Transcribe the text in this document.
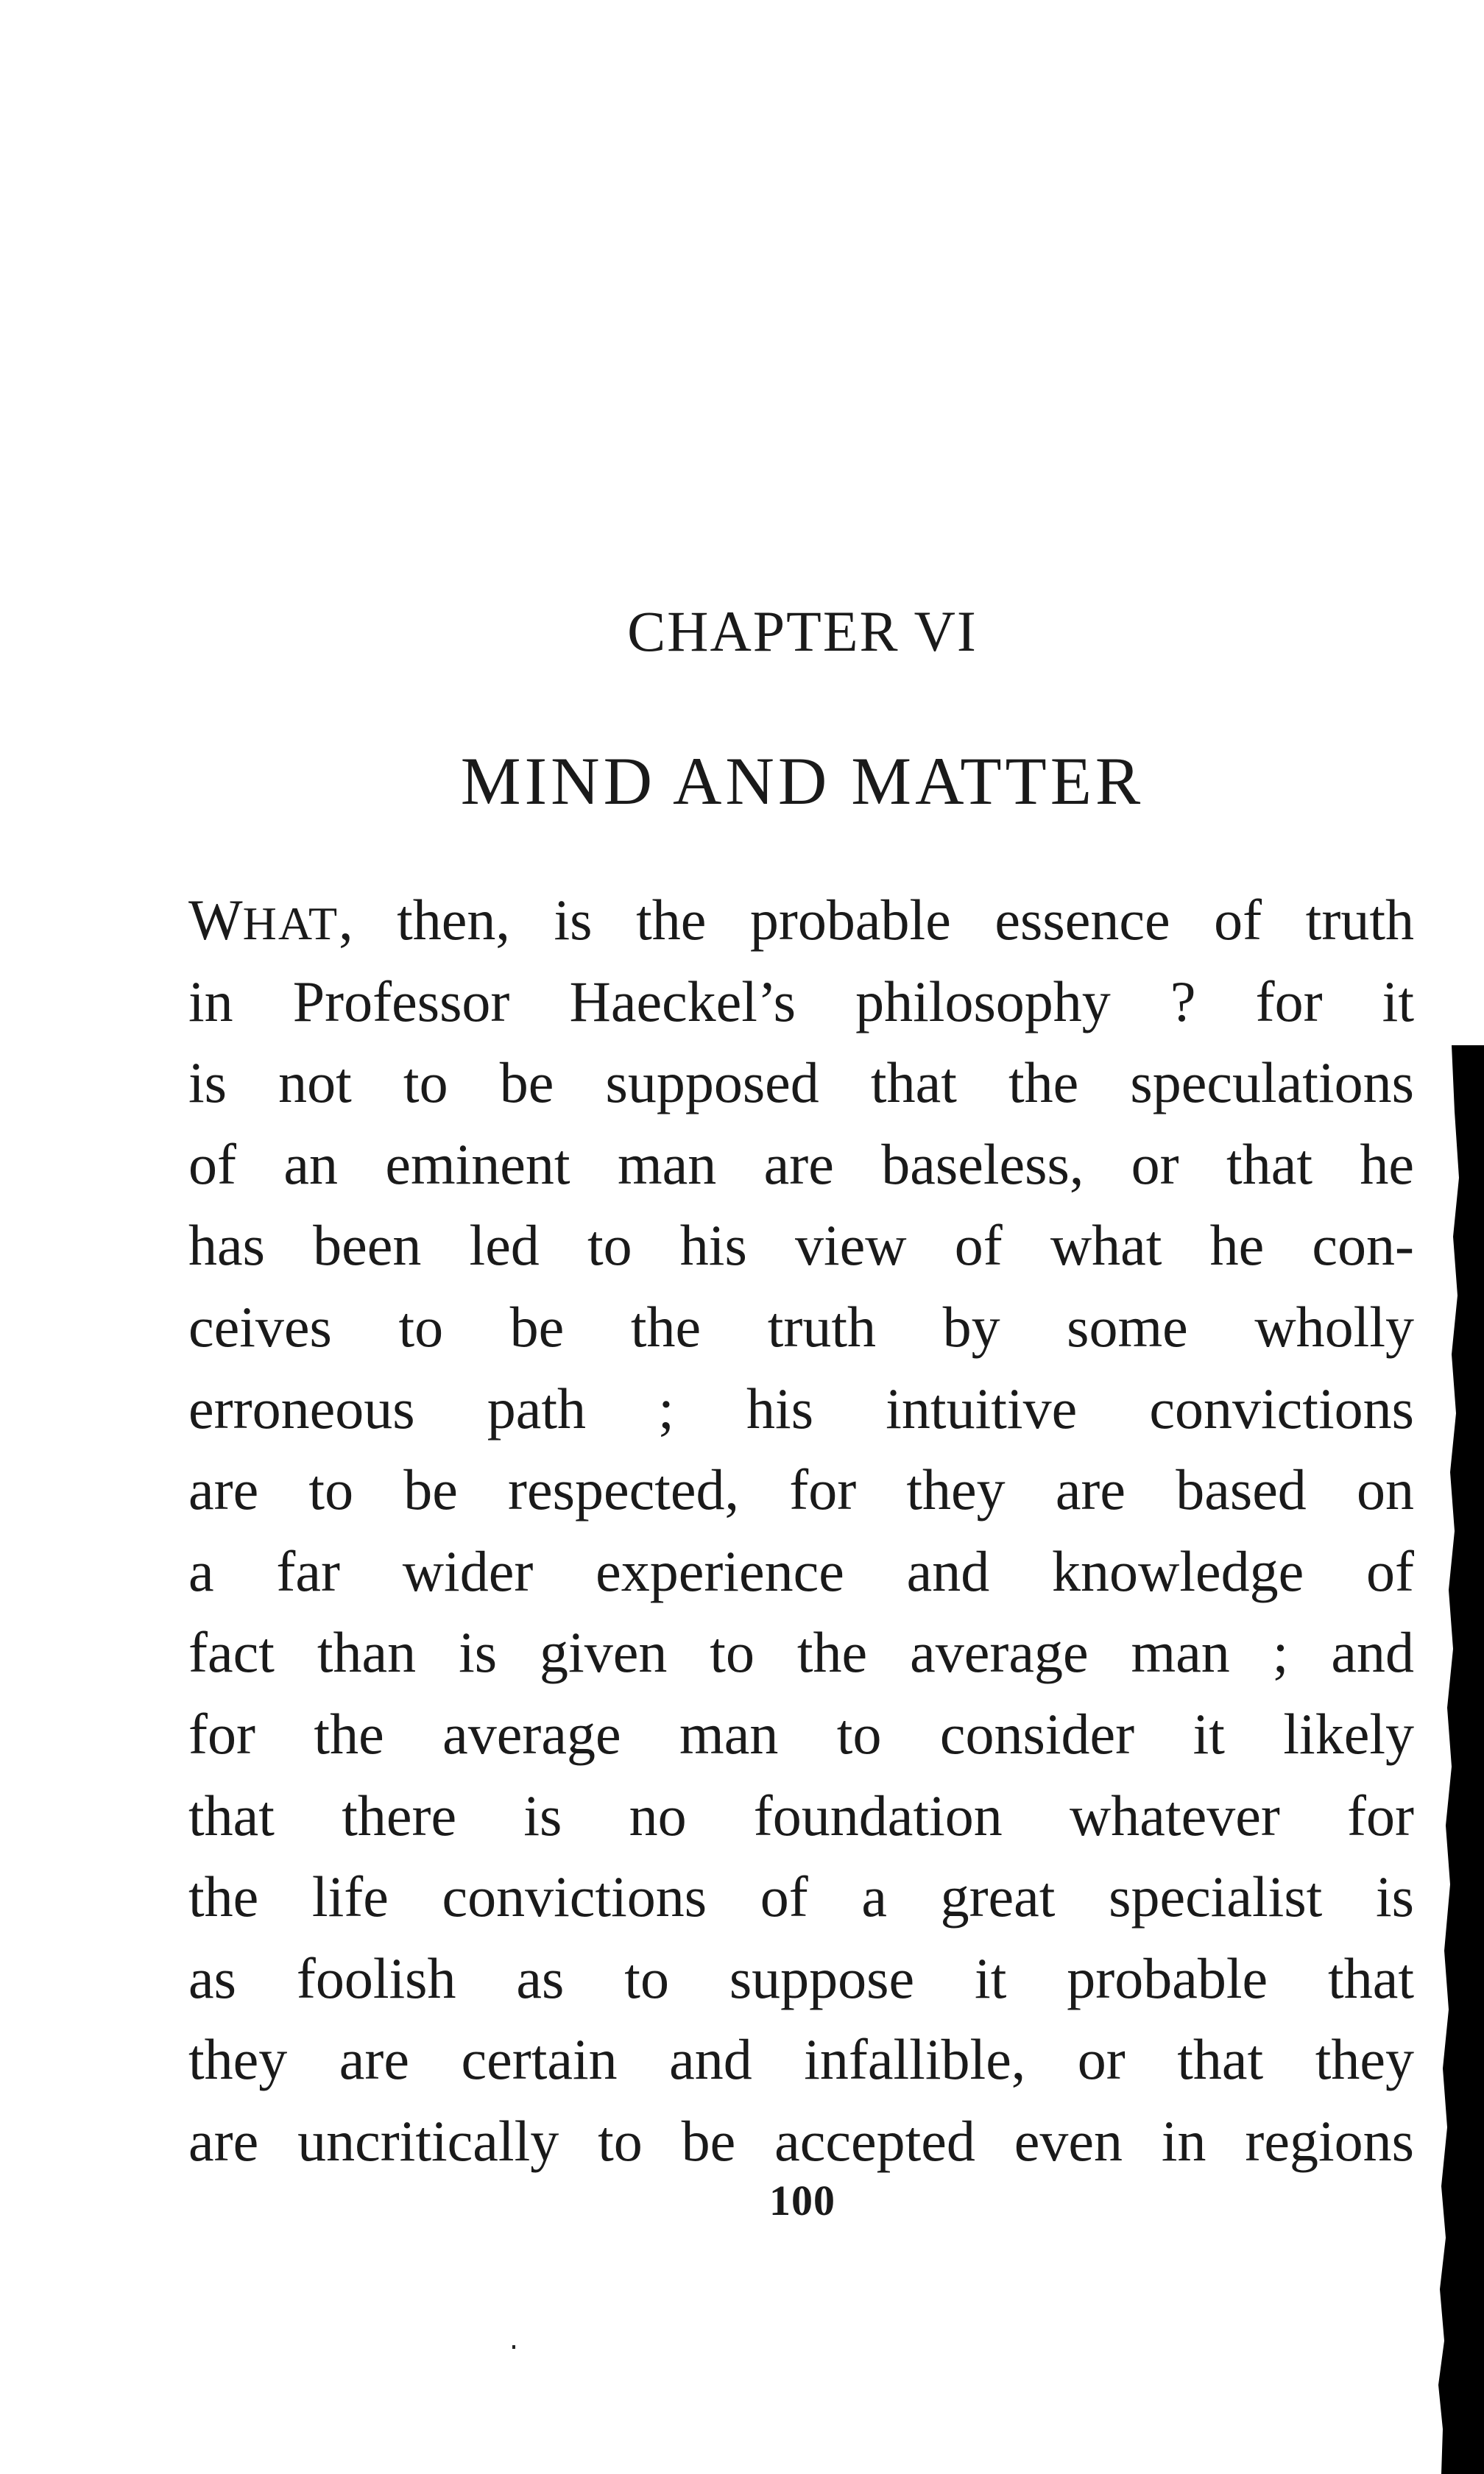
CHAPTER VI
MIND AND MATTER
WHAT, then, is the probable essence of truth
in Professor Haeckel’s philosophy ? for it
is not to be supposed that the speculations
of an eminent man are baseless, or that he
has been led to his view of what he con-
ceives to be the truth by some wholly
erroneous path ; his intuitive convictions
are to be respected, for they are based on
a far wider experience and knowledge of
fact than is given to the average man ; and
for the average man to consider it likely
that there is no foundation whatever for
the life convictions of a great specialist is
as foolish as to suppose it probable that
they are certain and infallible, or that they
are uncritically to be accepted even in regions
100
